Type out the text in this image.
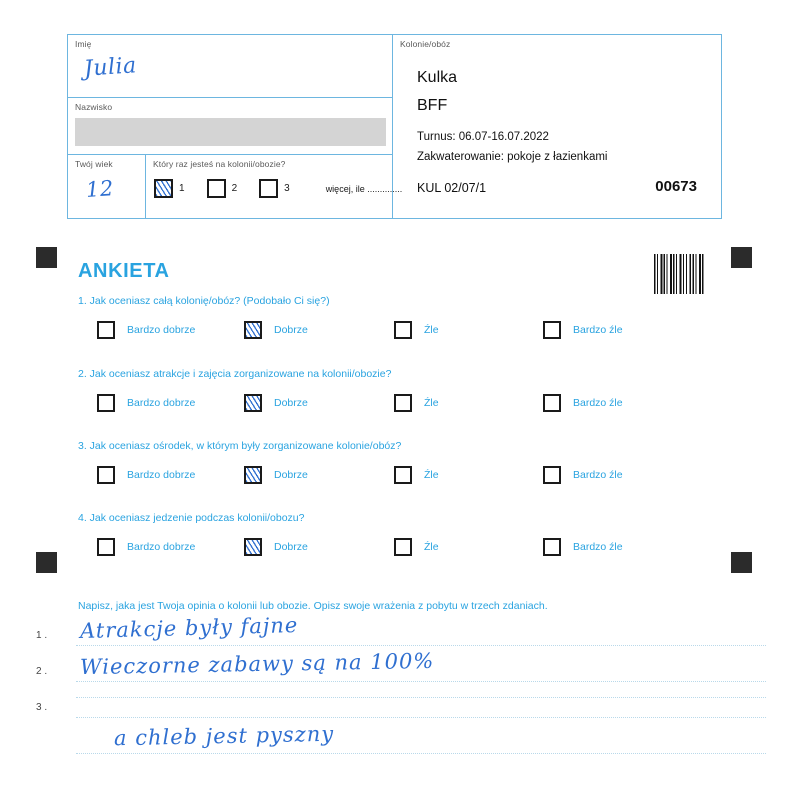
Imię
Julia
Nazwisko
Twój wiek
12
Który raz jesteś na kolonii/obozie?
1	2	3	więcej, ile ..............
Kolonie/obóz
Kulka
BFF
Turnus: 06.07-16.07.2022
Zakwaterowanie: pokoje z łazienkami
KUL 02/07/1	00673
ANKIETA
1. Jak oceniasz całą kolonię/obóz? (Podobało Ci się?)
Bardzo dobrze	Dobrze	Źle	Bardzo źle
2. Jak oceniasz atrakcje i zajęcia zorganizowane na kolonii/obozie?
Bardzo dobrze	Dobrze	Źle	Bardzo źle
3. Jak oceniasz ośrodek, w którym były zorganizowane kolonie/obóz?
Bardzo dobrze	Dobrze	Źle	Bardzo źle
4. Jak oceniasz jedzenie podczas kolonii/obozu?
Bardzo dobrze	Dobrze	Źle	Bardzo źle
Napisz, jaka jest Twoja opinia o kolonii lub obozie. Opisz swoje wrażenia z pobytu w trzech zdaniach.
1 . Atrakcje były fajne
2 . Wieczorne zabawy są na 100%
3 .
a chleb jest pyszny
